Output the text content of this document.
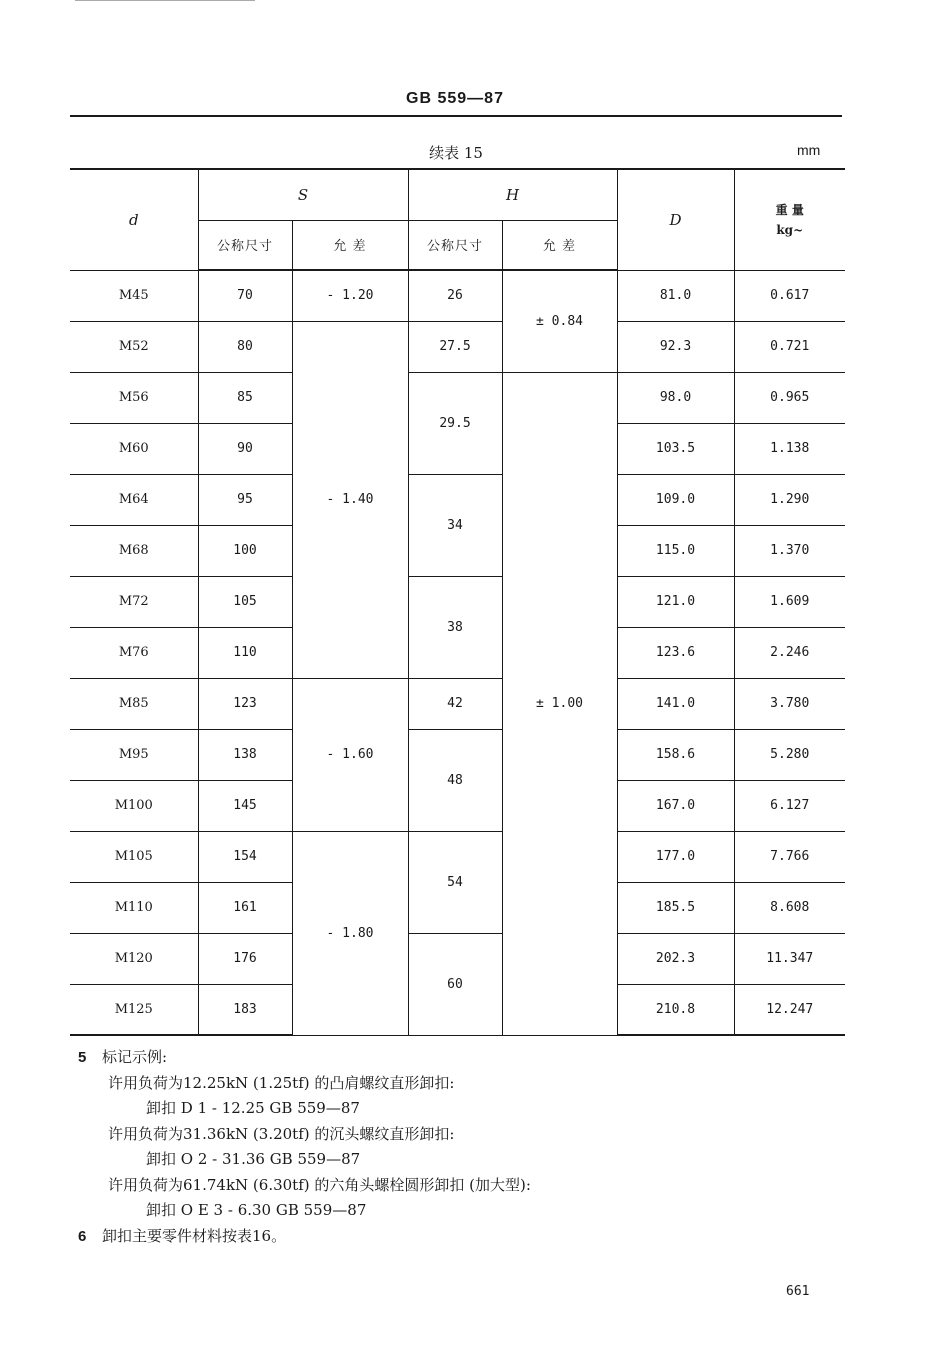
GB 559—87
续表 15	mm
d	S		H		D	重 量
kg~

	公称尺寸	允 差	公称尺寸	允 差		
M45	70	- 1.20	26	± 0.84	81.0	0.617
M52	80	- 1.40	27.5		92.3	0.721
M56	85		29.5	± 1.00	98.0	0.965
M60	90				103.5	1.138
M64	95		34		109.0	1.290
M68	100				115.0	1.370
M72	105		38		121.0	1.609
M76	110				123.6	2.246
M85	123	- 1.60	42		141.0	3.780
M95	138		48		158.6	5.280
M100	145				167.0	6.127
M105	154	- 1.80	54		177.0	7.766
M110	161				185.5	8.608
M120	176		60		202.3	11.347
M125	183				210.8	12.247
5 标记示例:
许用负荷为12.25kN (1.25tf) 的凸肩螺纹直形卸扣:
卸扣 D 1 - 12.25 GB 559—87
许用负荷为31.36kN (3.20tf) 的沉头螺纹直形卸扣:
卸扣 O 2 - 31.36 GB 559—87
许用负荷为61.74kN (6.30tf) 的六角头螺栓圆形卸扣 (加大型):
卸扣 O E 3 - 6.30 GB 559—87
6 卸扣主要零件材料按表16。
661
